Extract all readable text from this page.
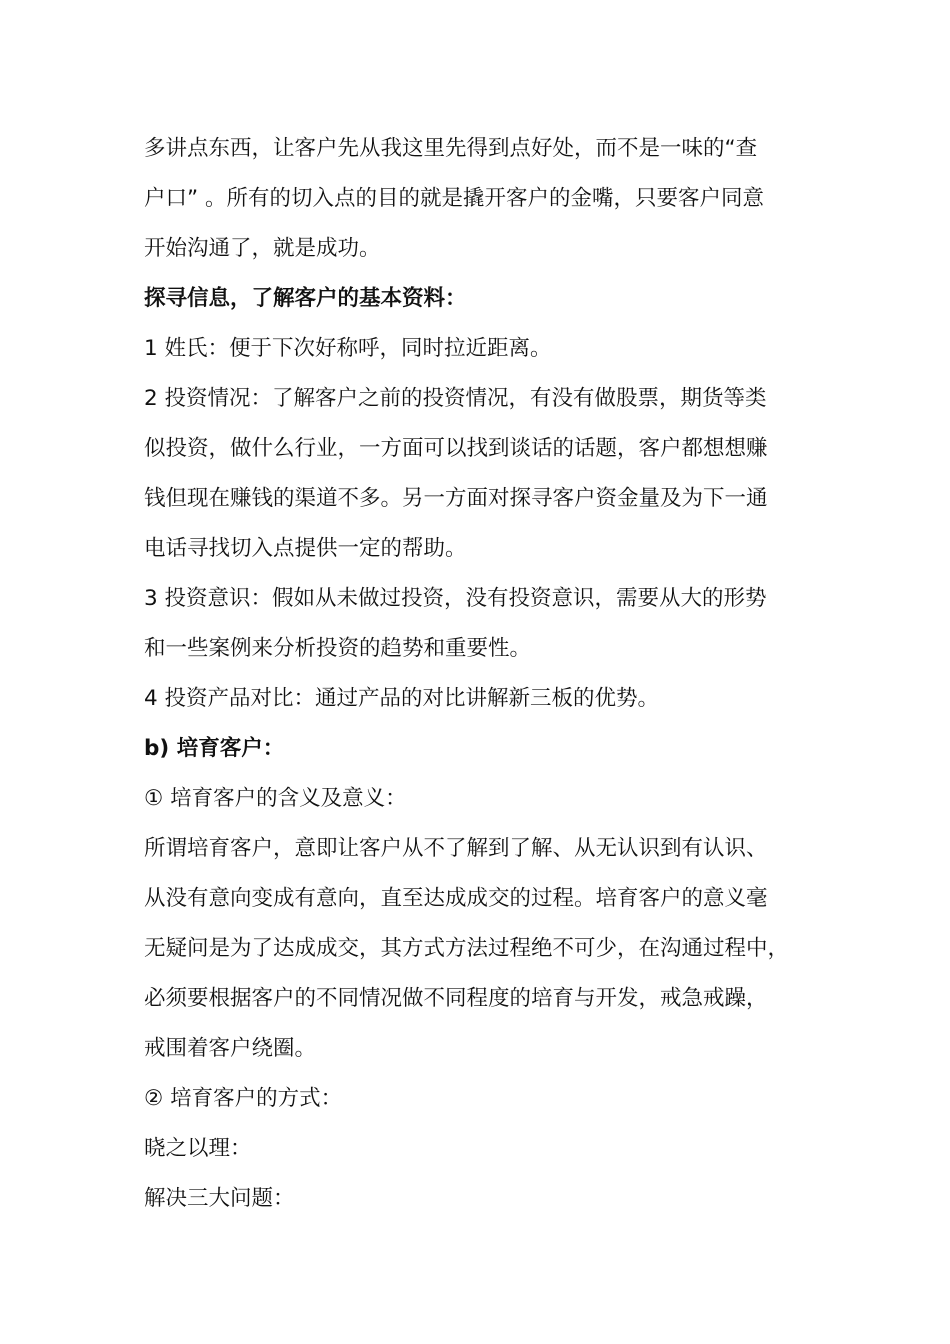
多讲点东西，让客户先从我这里先得到点好处，而不是一味的“查
户口” 。所有的切入点的目的就是撬开客户的金嘴，只要客户同意
开始沟通了，就是成功。
探寻信息，了解客户的基本资料：
1 姓氏：便于下次好称呼，同时拉近距离。
2 投资情况：了解客户之前的投资情况，有没有做股票，期货等类
似投资，做什么行业，一方面可以找到谈话的话题，客户都想想赚
钱但现在赚钱的渠道不多。另一方面对探寻客户资金量及为下一通
电话寻找切入点提供一定的帮助。
3 投资意识：假如从未做过投资，没有投资意识，需要从大的形势
和一些案例来分析投资的趋势和重要性。
4 投资产品对比：通过产品的对比讲解新三板的优势。
b) 培育客户：
① 培育客户的含义及意义：
所谓培育客户，意即让客户从不了解到了解、从无认识到有认识、
从没有意向变成有意向，直至达成成交的过程。培育客户的意义毫
无疑问是为了达成成交，其方式方法过程绝不可少，在沟通过程中，
必须要根据客户的不同情况做不同程度的培育与开发，戒急戒躁，
戒围着客户绕圈。
② 培育客户的方式：
晓之以理：
解决三大问题：
